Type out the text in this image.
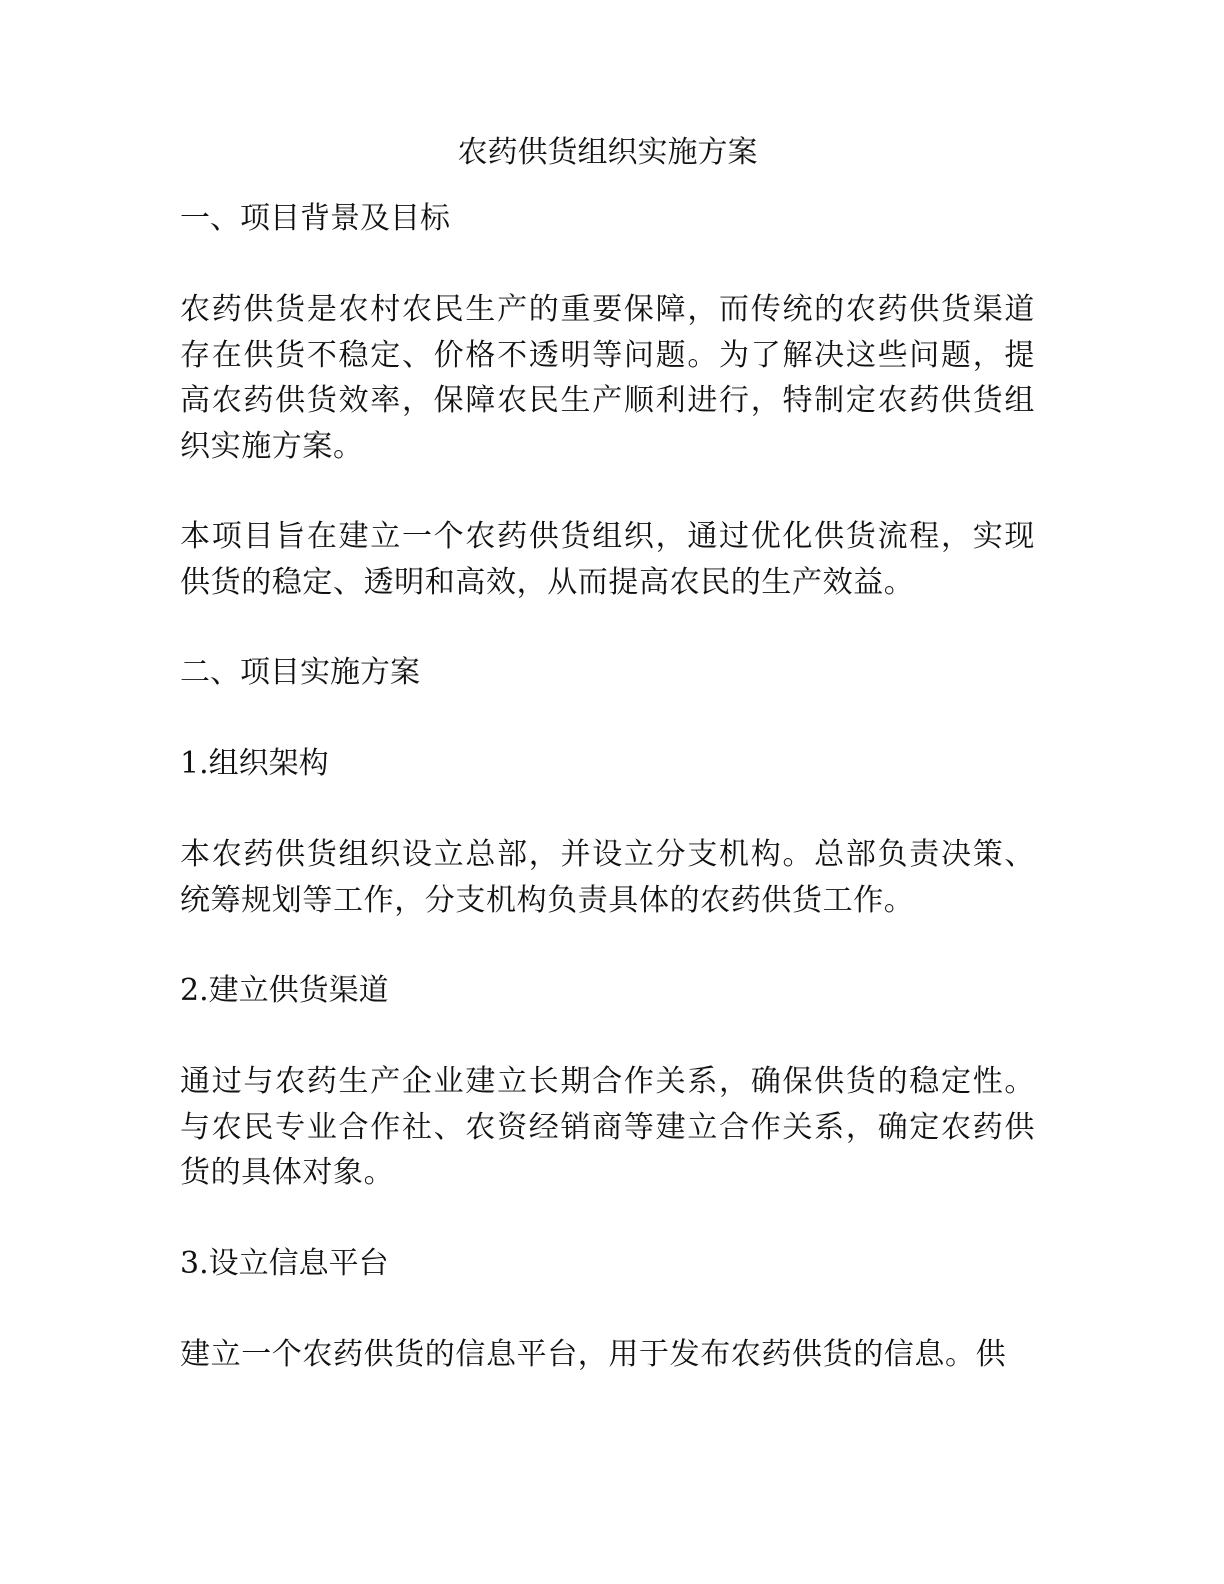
农药供货组织实施方案
一、项目背景及目标
农药供货是农村农民生产的重要保障，而传统的农药供货渠道存在供货不稳定、价格不透明等问题。为了解决这些问题，提高农药供货效率，保障农民生产顺利进行，特制定农药供货组织实施方案。
本项目旨在建立一个农药供货组织，通过优化供货流程，实现供货的稳定、透明和高效，从而提高农民的生产效益。
二、项目实施方案
1.组织架构
本农药供货组织设立总部，并设立分支机构。总部负责决策、统筹规划等工作，分支机构负责具体的农药供货工作。
2.建立供货渠道
通过与农药生产企业建立长期合作关系，确保供货的稳定性。与农民专业合作社、农资经销商等建立合作关系，确定农药供货的具体对象。
3.设立信息平台
建立一个农药供货的信息平台，用于发布农药供货的信息。供
